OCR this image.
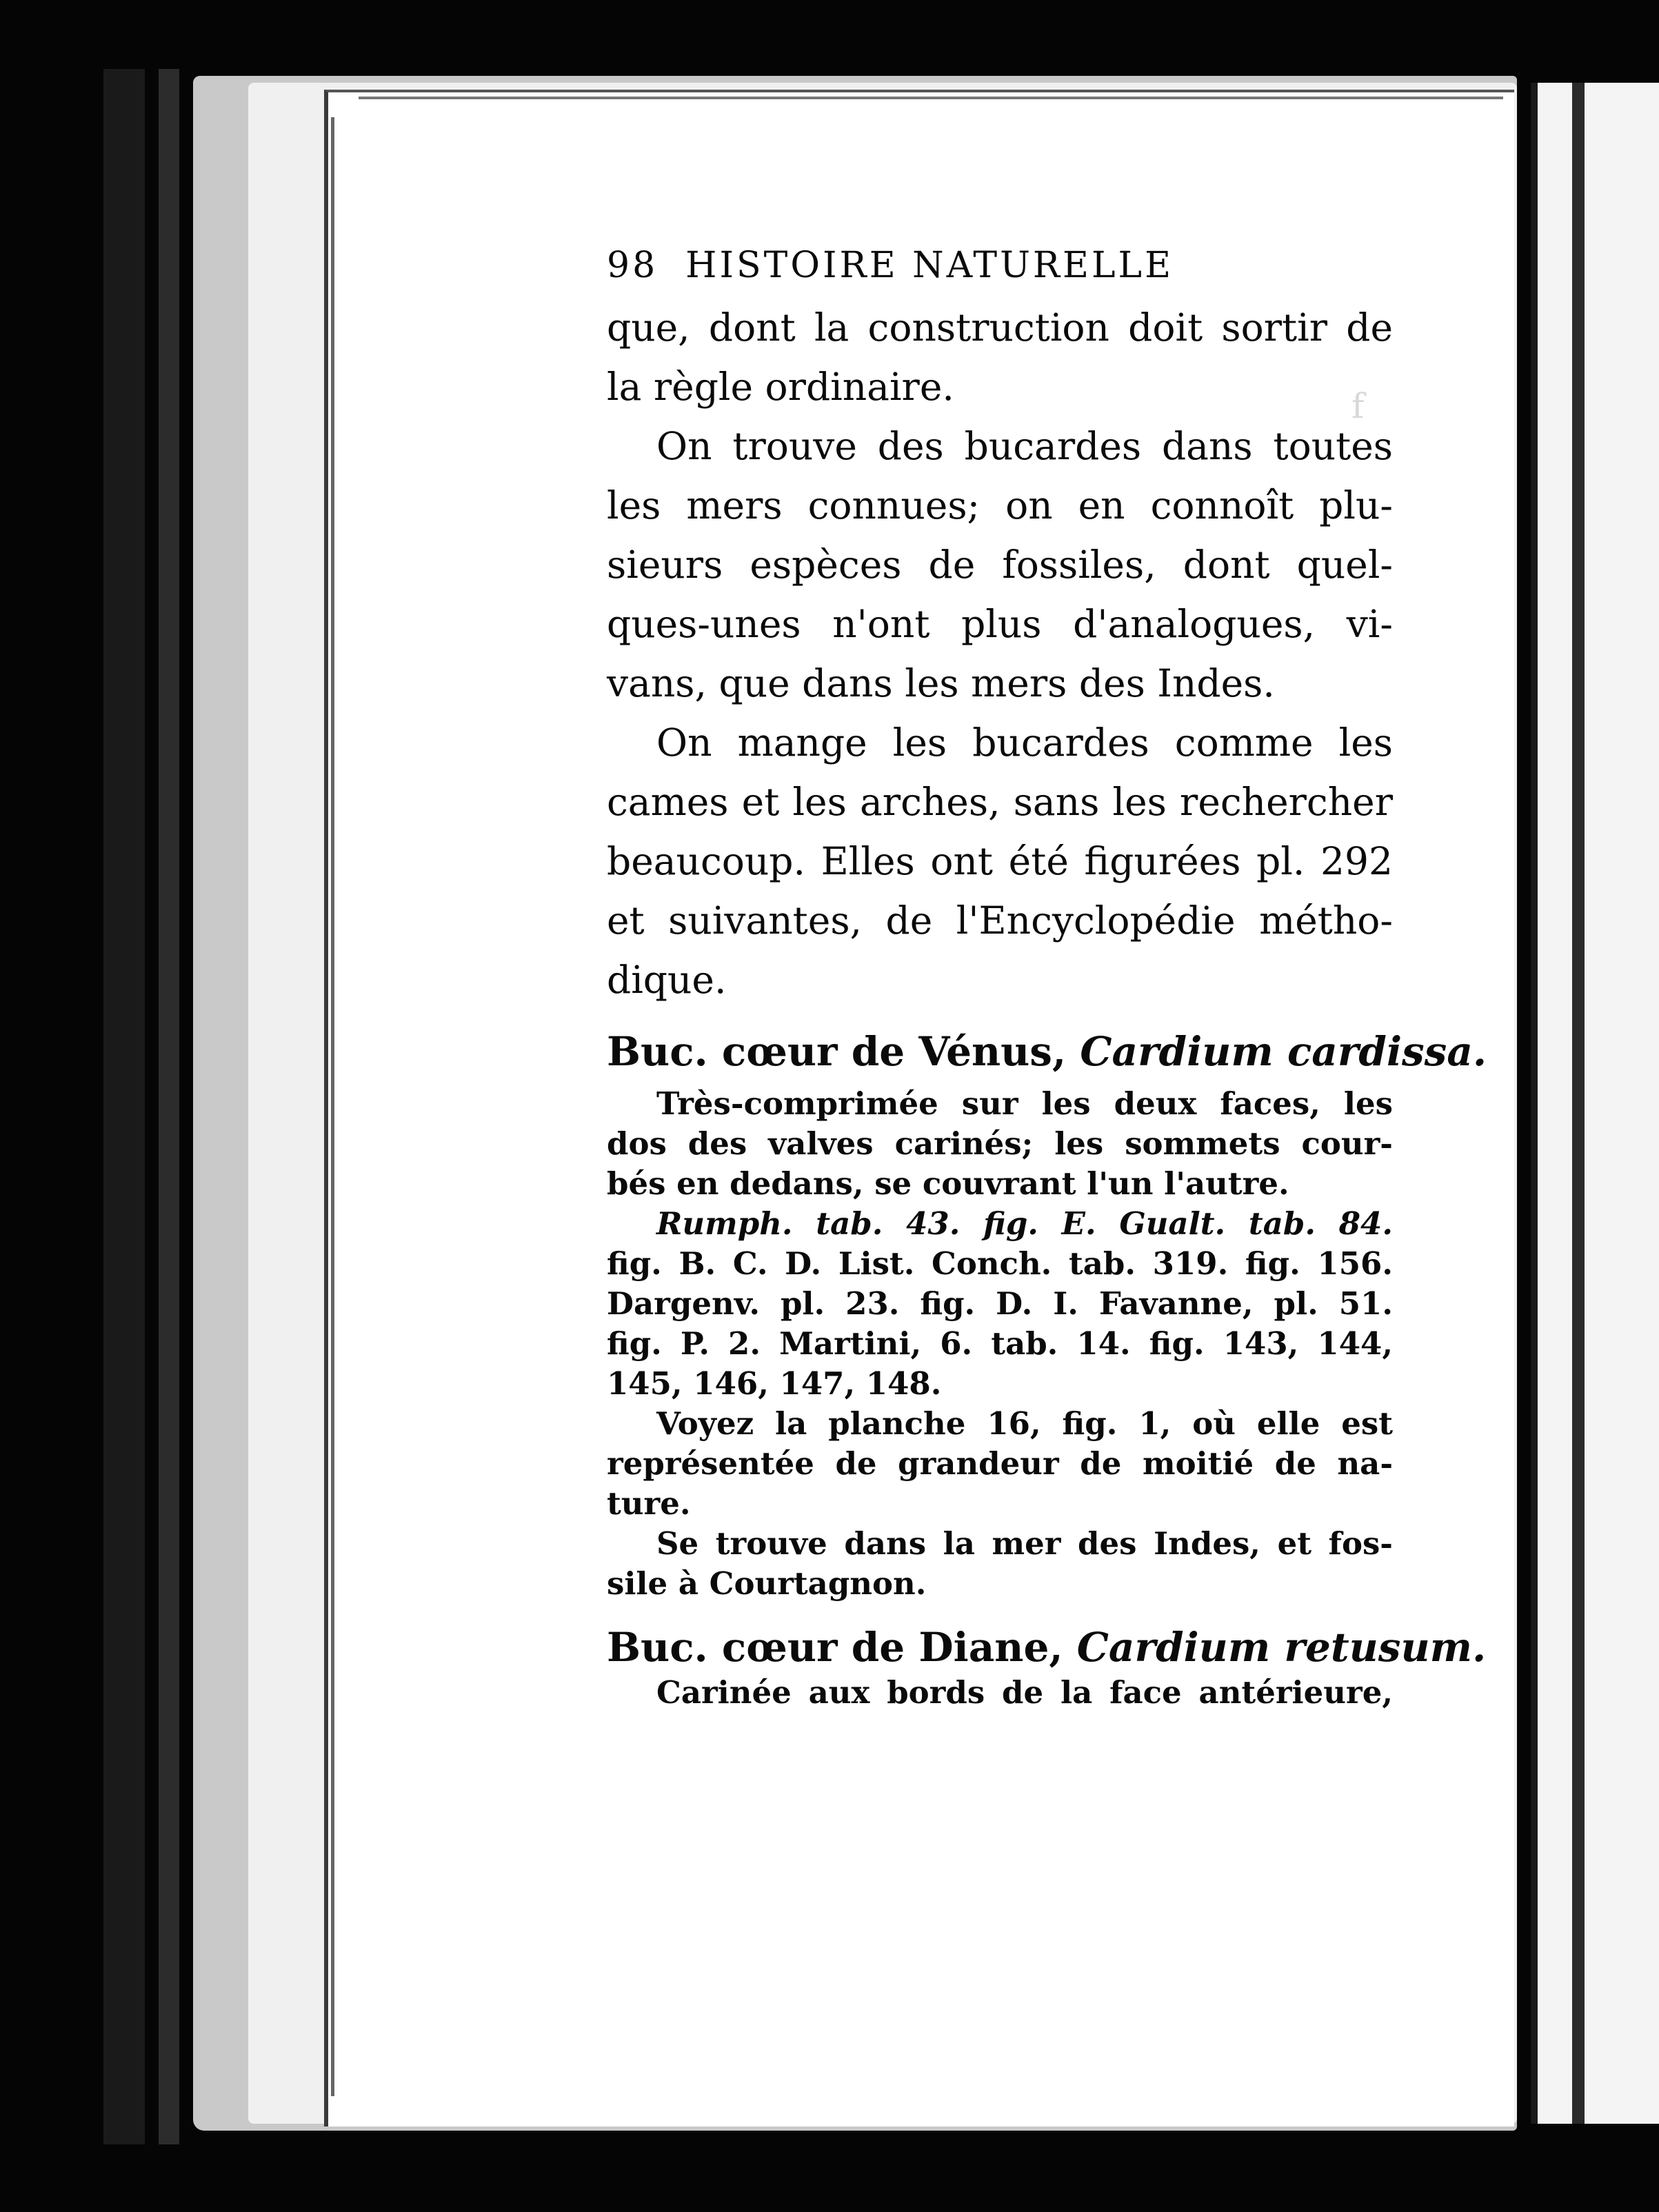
f
98 HISTOIRE NATURELLE
que, dont la construction doit sortir de
la règle ordinaire.
On trouve des bucardes dans toutes
les mers connues; on en connoît plu-
sieurs espèces de fossiles, dont quel-
ques-unes n'ont plus d'analogues, vi-
vans, que dans les mers des Indes.
On mange les bucardes comme les
cames et les arches, sans les rechercher
beaucoup. Elles ont été figurées pl. 292
et suivantes, de l'Encyclopédie métho-
dique.
Buc. cœur de Vénus, Cardium cardissa.
Très-comprimée sur les deux faces, les
dos des valves carinés; les sommets cour-
bés en dedans, se couvrant l'un l'autre.
Rumph. tab. 43. fig. E. Gualt. tab. 84.
fig. B. C. D. List. Conch. tab. 319. fig. 156.
Dargenv. pl. 23. fig. D. I. Favanne, pl. 51.
fig. P. 2. Martini, 6. tab. 14. fig. 143, 144,
145, 146, 147, 148.
Voyez la planche 16, fig. 1, où elle est
représentée de grandeur de moitié de na-
ture.
Se trouve dans la mer des Indes, et fos-
sile à Courtagnon.
Buc. cœur de Diane, Cardium retusum.
Carinée aux bords de la face antérieure,
